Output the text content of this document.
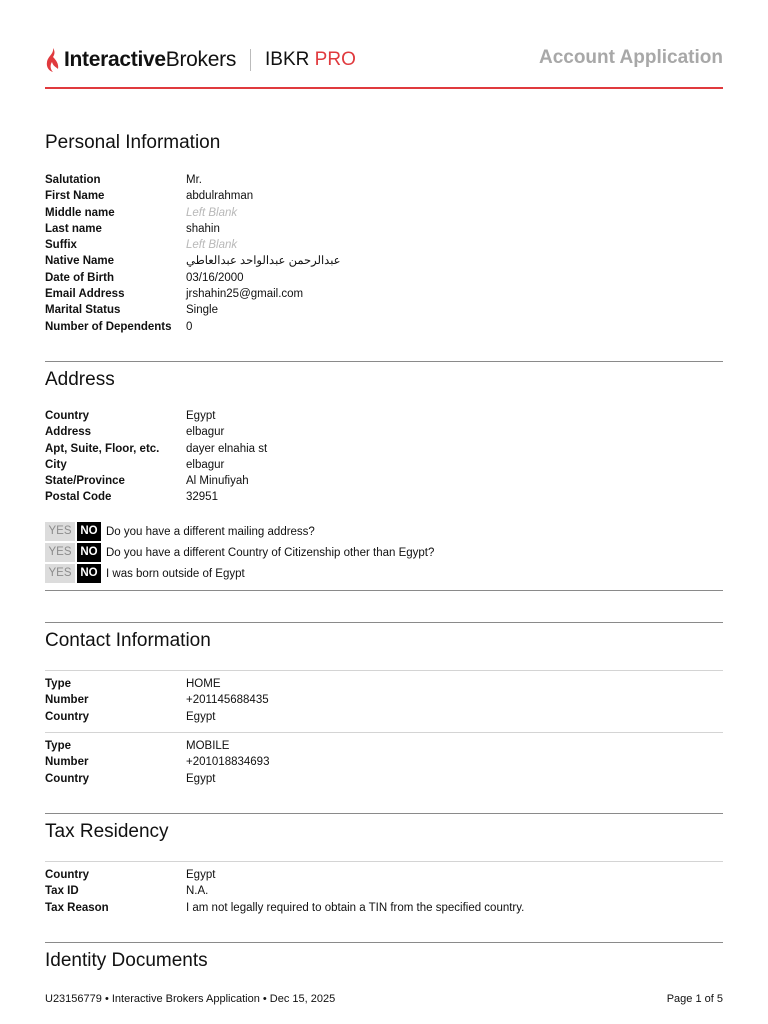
InteractiveBrokers IBKR PRO	Account Application
Personal Information
Salutation	Mr.
First Name	abdulrahman
Middle name	Left Blank
Last name	shahin
Suffix	Left Blank
Native Name	عبدالرحمن عبدالواحد عبدالعاطي
Date of Birth	03/16/2000
Email Address	jrshahin25@gmail.com
Marital Status	Single
Number of Dependents	0
Address
Country	Egypt
Address	elbagur
Apt, Suite, Floor, etc.	dayer elnahia st
City	elbagur
State/Province	Al Minufiyah
Postal Code	32951
YES NO Do you have a different mailing address?
YES NO Do you have a different Country of Citizenship other than Egypt?
YES NO I was born outside of Egypt
Contact Information
Type	HOME
Number	+201145688435
Country	Egypt
Type	MOBILE
Number	+201018834693
Country	Egypt
Tax Residency
Country	Egypt
Tax ID	N.A.
Tax Reason	I am not legally required to obtain a TIN from the specified country.
Identity Documents
U23156779 • Interactive Brokers Application • Dec 15, 2025	Page 1 of 5
